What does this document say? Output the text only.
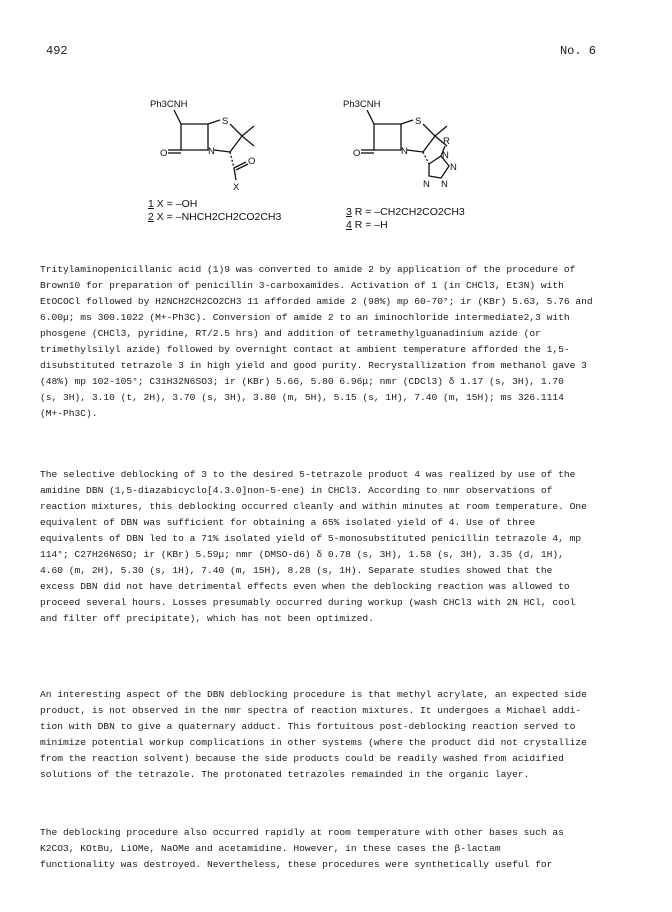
492	No. 6
Ph3CNH
S
N
O
O
X
Ph3CNH
S
N
O
R
N
N
N
N
1 X = –OH
2 X = –NHCH2CH2CO2CH3	3 R = –CH2CH2CO2CH3
4 R = –H
Tritylaminopenicillanic acid (1)9 was converted to amide 2 by application of the procedure of
Brown10 for preparation of penicillin 3-carboxamides. Activation of 1 (in CHCl3, Et3N) with
EtOCOCl followed by H2NCH2CH2CO2CH3 11 afforded amide 2 (98%) mp 60-70°; ir (KBr) 5.63, 5.76 and
6.00μ; ms 300.1022 (M+-Ph3C). Conversion of amide 2 to an iminochloride intermediate2,3 with
phosgene (CHCl3, pyridine, RT/2.5 hrs) and addition of tetramethylguanadinium azide (or
trimethylsilyl azide) followed by overnight contact at ambient temperature afforded the 1,5-
disubstituted tetrazole 3 in high yield and good purity. Recrystallization from methanol gave 3
(48%) mp 102-105°; C31H32N6SO3; ir (KBr) 5.66, 5.80 6.96μ; nmr (CDCl3) δ 1.17 (s, 3H), 1.70
(s, 3H), 3.10 (t, 2H), 3.70 (s, 3H), 3.80 (m, 5H), 5.15 (s, 1H), 7.40 (m, 15H); ms 326.1114
(M+-Ph3C).
The selective deblocking of 3 to the desired 5-tetrazole product 4 was realized by use of the
amidine DBN (1,5-diazabicyclo[4.3.0]non-5-ene) in CHCl3. According to nmr observations of
reaction mixtures, this deblocking occurred cleanly and within minutes at room temperature. One
equivalent of DBN was sufficient for obtaining a 65% isolated yield of 4. Use of three
equivalents of DBN led to a 71% isolated yield of 5-monosubstituted penicillin tetrazole 4, mp
114°; C27H26N6SO; ir (KBr) 5.59μ; nmr (DMSO-d6) δ 0.78 (s, 3H), 1.58 (s, 3H), 3.35 (d, 1H),
4.60 (m, 2H), 5.30 (s, 1H), 7.40 (m, 15H), 8.28 (s, 1H). Separate studies showed that the
excess DBN did not have detrimental effects even when the deblocking reaction was allowed to
proceed several hours. Losses presumably occurred during workup (wash CHCl3 with 2N HCl, cool
and filter off precipitate), which has not been optimized.
An interesting aspect of the DBN deblocking procedure is that methyl acrylate, an expected side
product, is not observed in the nmr spectra of reaction mixtures. It undergoes a Michael addi-
tion with DBN to give a quaternary adduct. This fortuitous post-deblocking reaction served to
minimize potential workup complications in other systems (where the product did not crystallize
from the reaction solvent) because the side products could be readily washed from acidified
solutions of the tetrazole. The protonated tetrazoles remainded in the organic layer.
The deblocking procedure also occurred rapidly at room temperature with other bases such as
K2CO3, KOtBu, LiOMe, NaOMe and acetamidine. However, in these cases the β-lactam
functionality was destroyed. Nevertheless, these procedures were synthetically useful for
